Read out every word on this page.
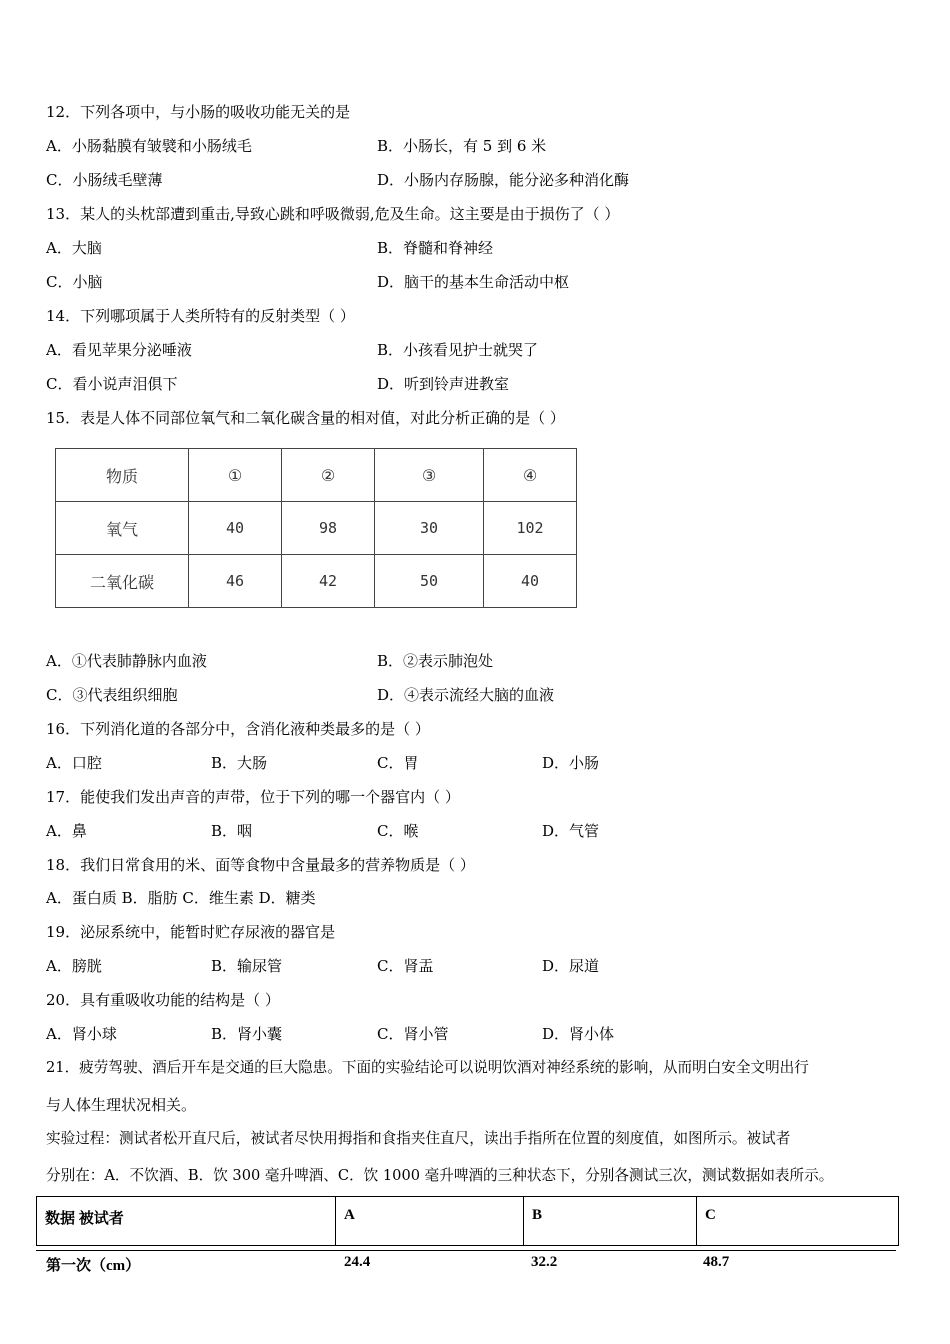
12．下列各项中，与小肠的吸收功能无关的是
A．小肠黏膜有皱襞和小肠绒毛	B．小肠长，有 5 到 6 米
C．小肠绒毛壁薄	D．小肠内存肠腺，能分泌多种消化酶
13．某人的头枕部遭到重击,导致心跳和呼吸微弱,危及生命。这主要是由于损伤了（ ）
A．大脑	B．脊髓和脊神经
C．小脑	D．脑干的基本生命活动中枢
14．下列哪项属于人类所特有的反射类型（ ）
A．看见苹果分泌唾液	B．小孩看见护士就哭了
C．看小说声泪俱下	D．听到铃声进教室
15．表是人体不同部位氧气和二氧化碳含量的相对值，对此分析正确的是（ ）
物质	①	②	③	④
氧气	40	98	30	102
二氧化碳	46	42	50	40
A．①代表肺静脉内血液	B．②表示肺泡处
C．③代表组织细胞	D．④表示流经大脑的血液
16．下列消化道的各部分中，含消化液种类最多的是（ ）
A．口腔	B．大肠	C．胃	D．小肠
17．能使我们发出声音的声带，位于下列的哪一个器官内（ ）
A．鼻	B．咽	C．喉	D．气管
18．我们日常食用的米、面等食物中含量最多的营养物质是（ ）
A．蛋白质 B．脂肪 C．维生素 D．糖类
19．泌尿系统中，能暂时贮存尿液的器官是
A．膀胱	B．输尿管	C．肾盂	D．尿道
20．具有重吸收功能的结构是（ ）
A．肾小球	B．肾小囊	C．肾小管	D．肾小体
21．疲劳驾驶、酒后开车是交通的巨大隐患。下面的实验结论可以说明饮酒对神经系统的影响，从而明白安全文明出行
与人体生理状况相关。
实验过程：测试者松开直尺后，被试者尽快用拇指和食指夹住直尺，读出手指所在位置的刻度值，如图所示。被试者
分别在：A．不饮酒、B．饮 300 毫升啤酒、C．饮 1000 毫升啤酒的三种状态下，分别各测试三次，测试数据如表所示。
数据 被试者	A	B	C
第一次（cm）	24.4	32.2	48.7
